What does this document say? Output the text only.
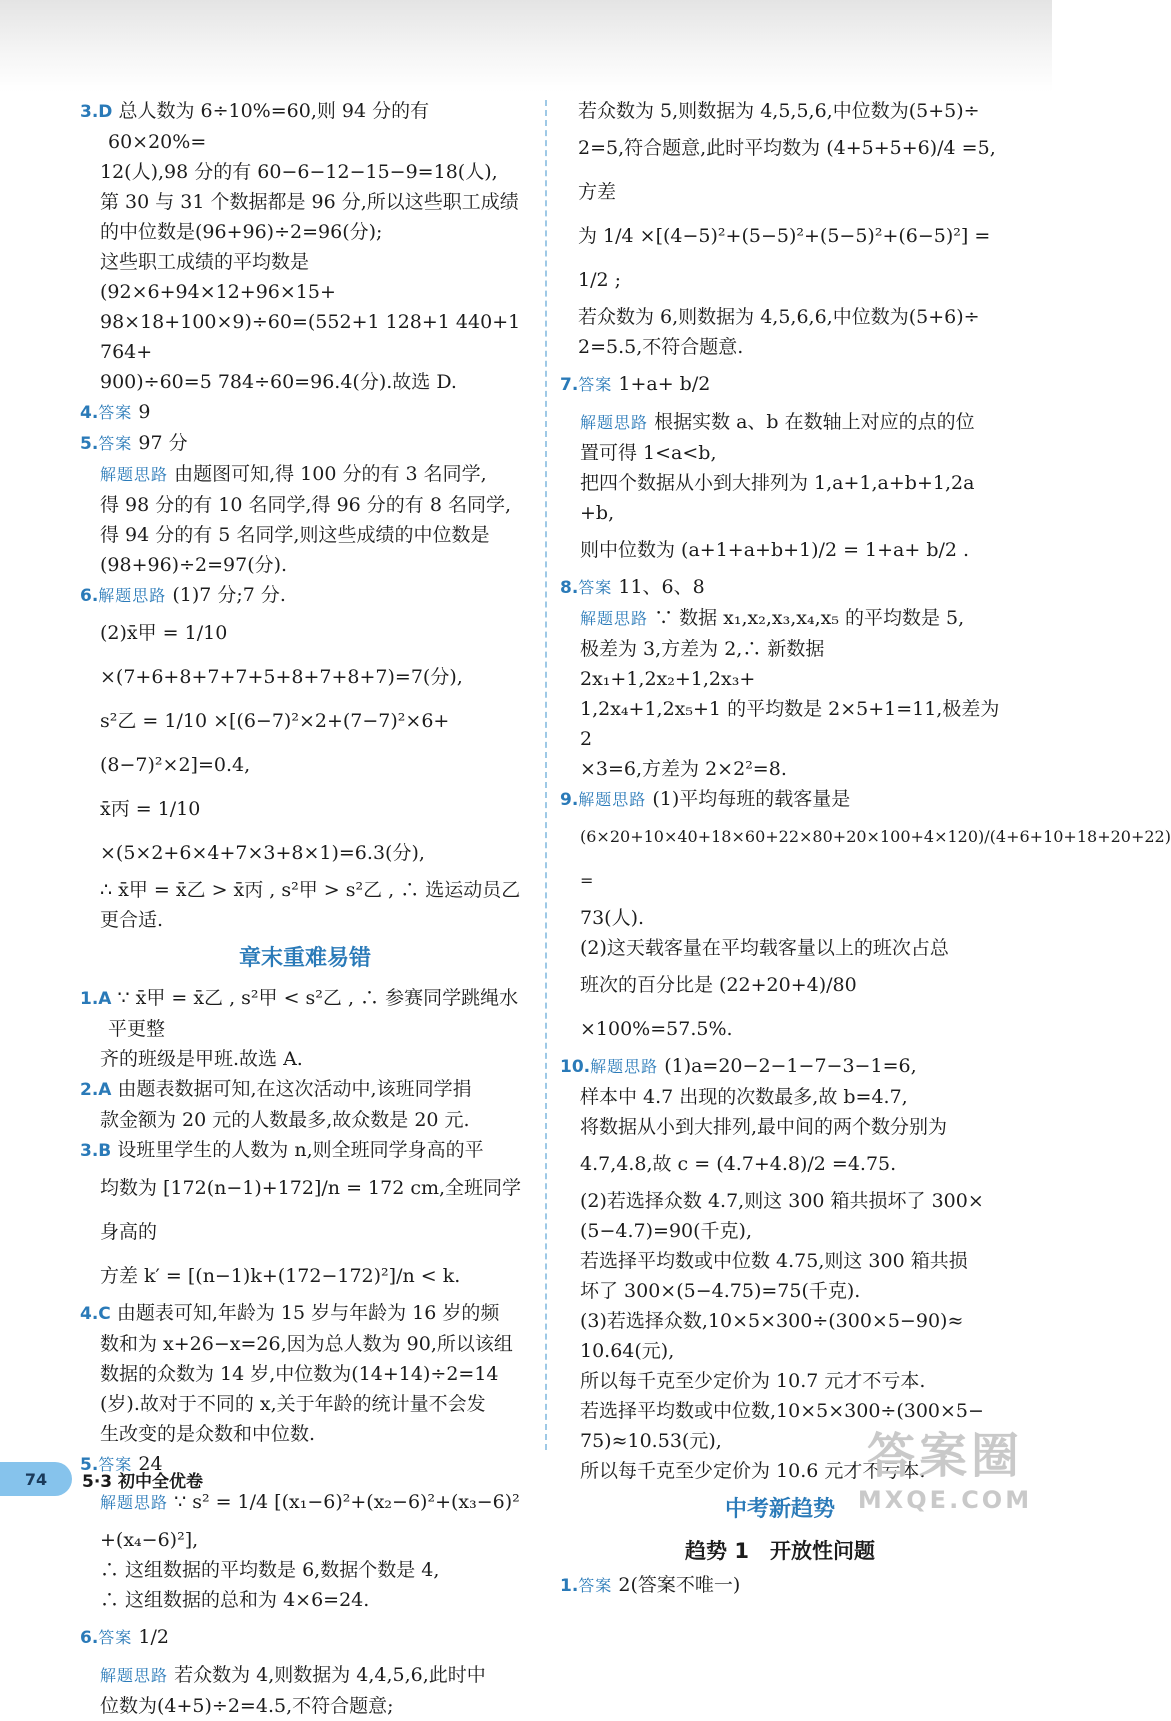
3.D 总人数为 6÷10%=60,则 94 分的有 60×20%=

12(人),98 分的有 60−6−12−15−9=18(人),

第 30 与 31 个数据都是 96 分,所以这些职工成绩

的中位数是(96+96)÷2=96(分);

这些职工成绩的平均数是(92×6+94×12+96×15+

98×18+100×9)÷60=(552+1 128+1 440+1 764+

900)÷60=5 784÷60=96.4(分).故选 D.

4.答案 9

5.答案 97 分

解题思路 由题图可知,得 100 分的有 3 名同学,

得 98 分的有 10 名同学,得 96 分的有 8 名同学,

得 94 分的有 5 名同学,则这些成绩的中位数是

(98+96)÷2=97(分).

6.解题思路 (1)7 分;7 分.

(2)x̄甲 = 1/10 ×(7+6+8+7+7+5+8+7+8+7)=7(分),

s²乙 = 1/10 ×[(6−7)²×2+(7−7)²×6+(8−7)²×2]=0.4,

x̄丙 = 1/10 ×(5×2+6×4+7×3+8×1)=6.3(分),

∴ x̄甲 = x̄乙 > x̄丙 , s²甲 > s²乙 , ∴ 选运动员乙更合适.

章末重难易错

1.A ∵ x̄甲 = x̄乙 , s²甲 < s²乙 , ∴ 参赛同学跳绳水平更整

齐的班级是甲班.故选 A.

2.A 由题表数据可知,在这次活动中,该班同学捐

款金额为 20 元的人数最多,故众数是 20 元.

3.B 设班里学生的人数为 n,则全班同学身高的平

均数为 [172(n−1)+172]/n = 172 cm,全班同学身高的

方差 k′ = [(n−1)k+(172−172)²]/n < k.

4.C 由题表可知,年龄为 15 岁与年龄为 16 岁的频

数和为 x+26−x=26,因为总人数为 90,所以该组

数据的众数为 14 岁,中位数为(14+14)÷2=14

(岁).故对于不同的 x,关于年龄的统计量不会发

生改变的是众数和中位数.

5.答案 24

解题思路 ∵ s² = 1/4 [(x₁−6)²+(x₂−6)²+(x₃−6)²

+(x₄−6)²],

∴ 这组数据的平均数是 6,数据个数是 4,

∴ 这组数据的总和为 4×6=24.

6.答案 1/2

解题思路 若众数为 4,则数据为 4,4,5,6,此时中

位数为(4+5)÷2=4.5,不符合题意;

若众数为 5,则数据为 4,5,5,6,中位数为(5+5)÷

2=5,符合题意,此时平均数为 (4+5+5+6)/4 =5,方差

为 1/4 ×[(4−5)²+(5−5)²+(5−5)²+(6−5)²] = 1/2 ;

若众数为 6,则数据为 4,5,6,6,中位数为(5+6)÷

2=5.5,不符合题意.

7.答案 1+a+ b/2

解题思路 根据实数 a、b 在数轴上对应的点的位

置可得 1<a<b,

把四个数据从小到大排列为 1,a+1,a+b+1,2a

+b,

则中位数为 (a+1+a+b+1)/2 = 1+a+ b/2 .

8.答案 11、6、8

解题思路 ∵ 数据 x₁,x₂,x₃,x₄,x₅ 的平均数是 5,

极差为 3,方差为 2,∴ 新数据 2x₁+1,2x₂+1,2x₃+

1,2x₄+1,2x₅+1 的平均数是 2×5+1=11,极差为 2

×3=6,方差为 2×2²=8.

9.解题思路 (1)平均每班的载客量是

(6×20+10×40+18×60+22×80+20×100+4×120)/(4+6+10+18+20+22) =

73(人).

(2)这天载客量在平均载客量以上的班次占总

班次的百分比是 (22+20+4)/80 ×100%=57.5%.

10.解题思路 (1)a=20−2−1−7−3−1=6,

样本中 4.7 出现的次数最多,故 b=4.7,

将数据从小到大排列,最中间的两个数分别为

4.7,4.8,故 c = (4.7+4.8)/2 =4.75.

(2)若选择众数 4.7,则这 300 箱共损坏了 300×

(5−4.7)=90(千克),

若选择平均数或中位数 4.75,则这 300 箱共损

坏了 300×(5−4.75)=75(千克).

(3)若选择众数,10×5×300÷(300×5−90)≈

10.64(元),

所以每千克至少定价为 10.7 元才不亏本.

若选择平均数或中位数,10×5×300÷(300×5−

75)≈10.53(元),

所以每千克至少定价为 10.6 元才不亏本.

中考新趋势
趋势 1　开放性问题

1.答案 2(答案不唯一)

74	5·3 初中全优卷	答案圈
MXQE.COM
